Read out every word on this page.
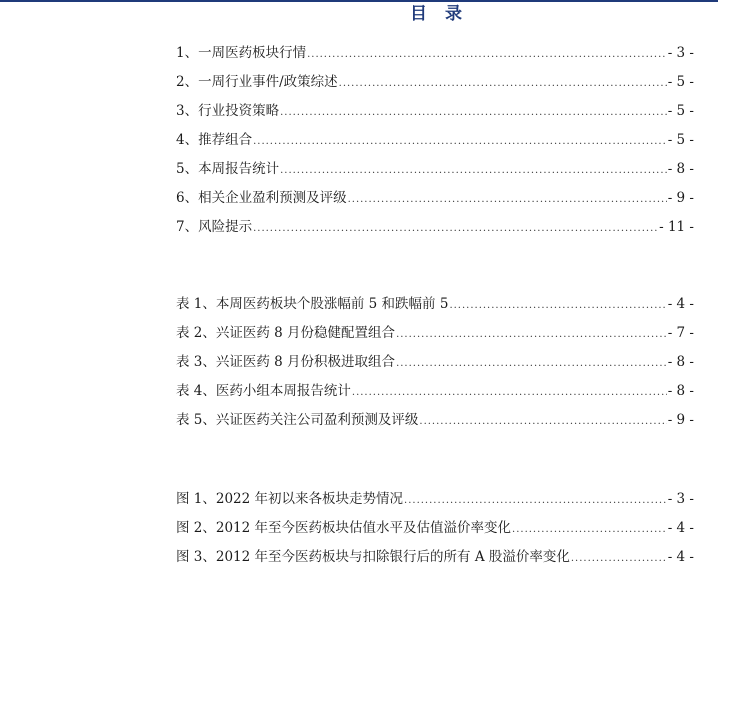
目 录
1、一周医药板块行情 .....	- 3 -
2、一周行业事件/政策综述 .....	- 5 -
3、行业投资策略 .....	- 5 -
4、推荐组合 .....	- 5 -
5、本周报告统计 .....	- 8 -
6、相关企业盈利预测及评级 .....	- 9 -
7、风险提示 .....	- 11 -
表 1、本周医药板块个股涨幅前 5 和跌幅前 5 .....	- 4 -
表 2、兴证医药 8 月份稳健配置组合 .....	- 7 -
表 3、兴证医药 8 月份积极进取组合 .....	- 8 -
表 4、医药小组本周报告统计 .....	- 8 -
表 5、兴证医药关注公司盈利预测及评级 .....	- 9 -
图 1、2022 年初以来各板块走势情况 .....	- 3 -
图 2、2012 年至今医药板块估值水平及估值溢价率变化 .....	- 4 -
图 3、2012 年至今医药板块与扣除银行后的所有 A 股溢价率变化 .....	- 4 -
